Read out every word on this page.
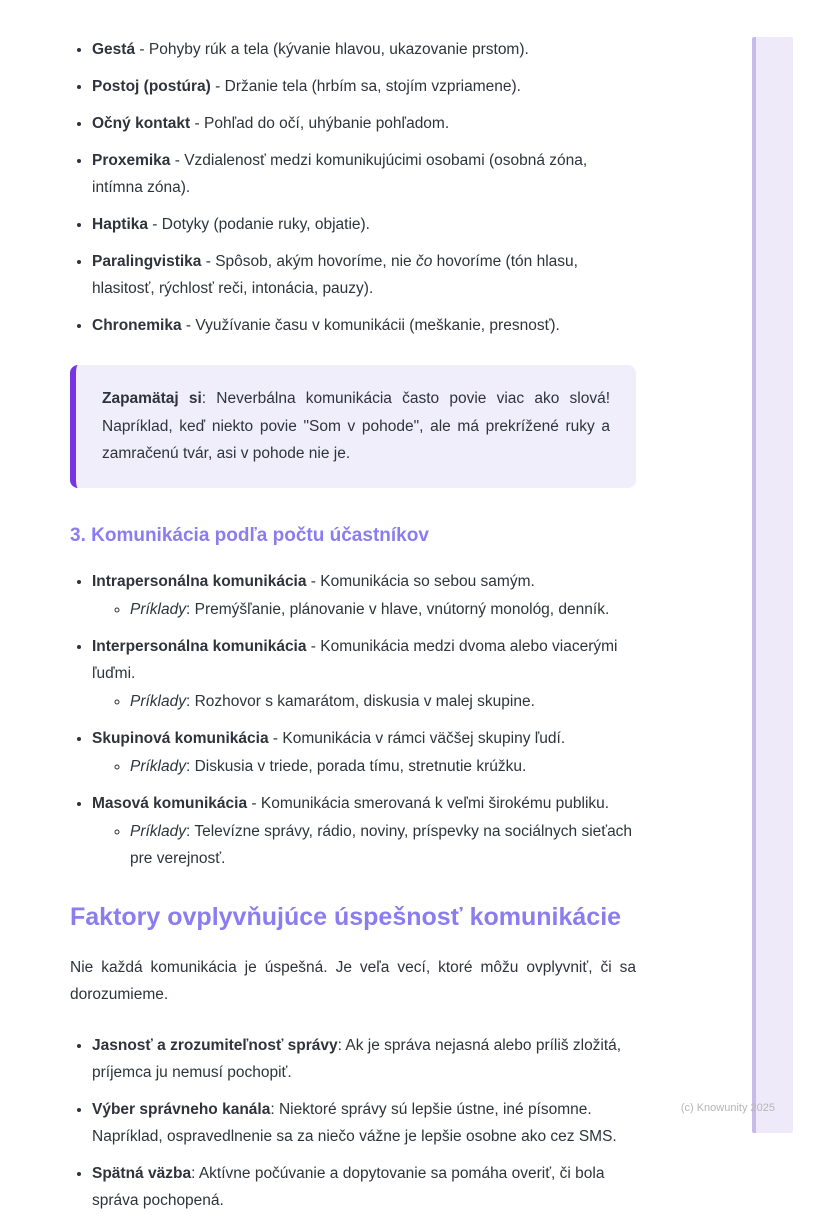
• Gestá - Pohyby rúk a tela (kývanie hlavou, ukazovanie prstom).
• Postoj (postúra) - Držanie tela (hrbím sa, stojím vzpriamene).
• Očný kontakt - Pohľad do očí, uhýbanie pohľadom.
• Proxemika - Vzdialenosť medzi komunikujúcimi osobami (osobná zóna, intímna zóna).
• Haptika - Dotyky (podanie ruky, objatie).
• Paralingvistika - Spôsob, akým hovoríme, nie čo hovoríme (tón hlasu, hlasitosť, rýchlosť reči, intonácia, pauzy).
• Chronemika - Využívanie času v komunikácii (meškanie, presnosť).

Zapamätaj si: Neverbálna komunikácia často povie viac ako slová! Napríklad, keď niekto povie "Som v pohode", ale má prekrížené ruky a zamračenú tvár, asi v pohode nie je.

3. Komunikácia podľa počtu účastníkov
• Intrapersonálna komunikácia - Komunikácia so sebou samým.
◦ Príklady: Premýšľanie, plánovanie v hlave, vnútorný monológ, denník.
• Interpersonálna komunikácia - Komunikácia medzi dvoma alebo viacerými ľuďmi.
◦ Príklady: Rozhovor s kamarátom, diskusia v malej skupine.
• Skupinová komunikácia - Komunikácia v rámci väčšej skupiny ľudí.
◦ Príklady: Diskusia v triede, porada tímu, stretnutie krúžku.
• Masová komunikácia - Komunikácia smerovaná k veľmi širokému publiku.
◦ Príklady: Televízne správy, rádio, noviny, príspevky na sociálnych sieťach pre verejnosť.
Faktory ovplyvňujúce úspešnosť komunikácie

Nie každá komunikácia je úspešná. Je veľa vecí, ktoré môžu ovplyvniť, či sa dorozumieme.

• Jasnosť a zrozumiteľnosť správy: Ak je správa nejasná alebo príliš zložitá, príjemca ju nemusí pochopiť.
• Výber správneho kanála: Niektoré správy sú lepšie ústne, iné písomne. Napríklad, ospravedlnenie sa za niečo vážne je lepšie osobne ako cez SMS.
• Spätná väzba: Aktívne počúvanie a dopytovanie sa pomáha overiť, či bola správa pochopená.
(c) Knowunity 2025
